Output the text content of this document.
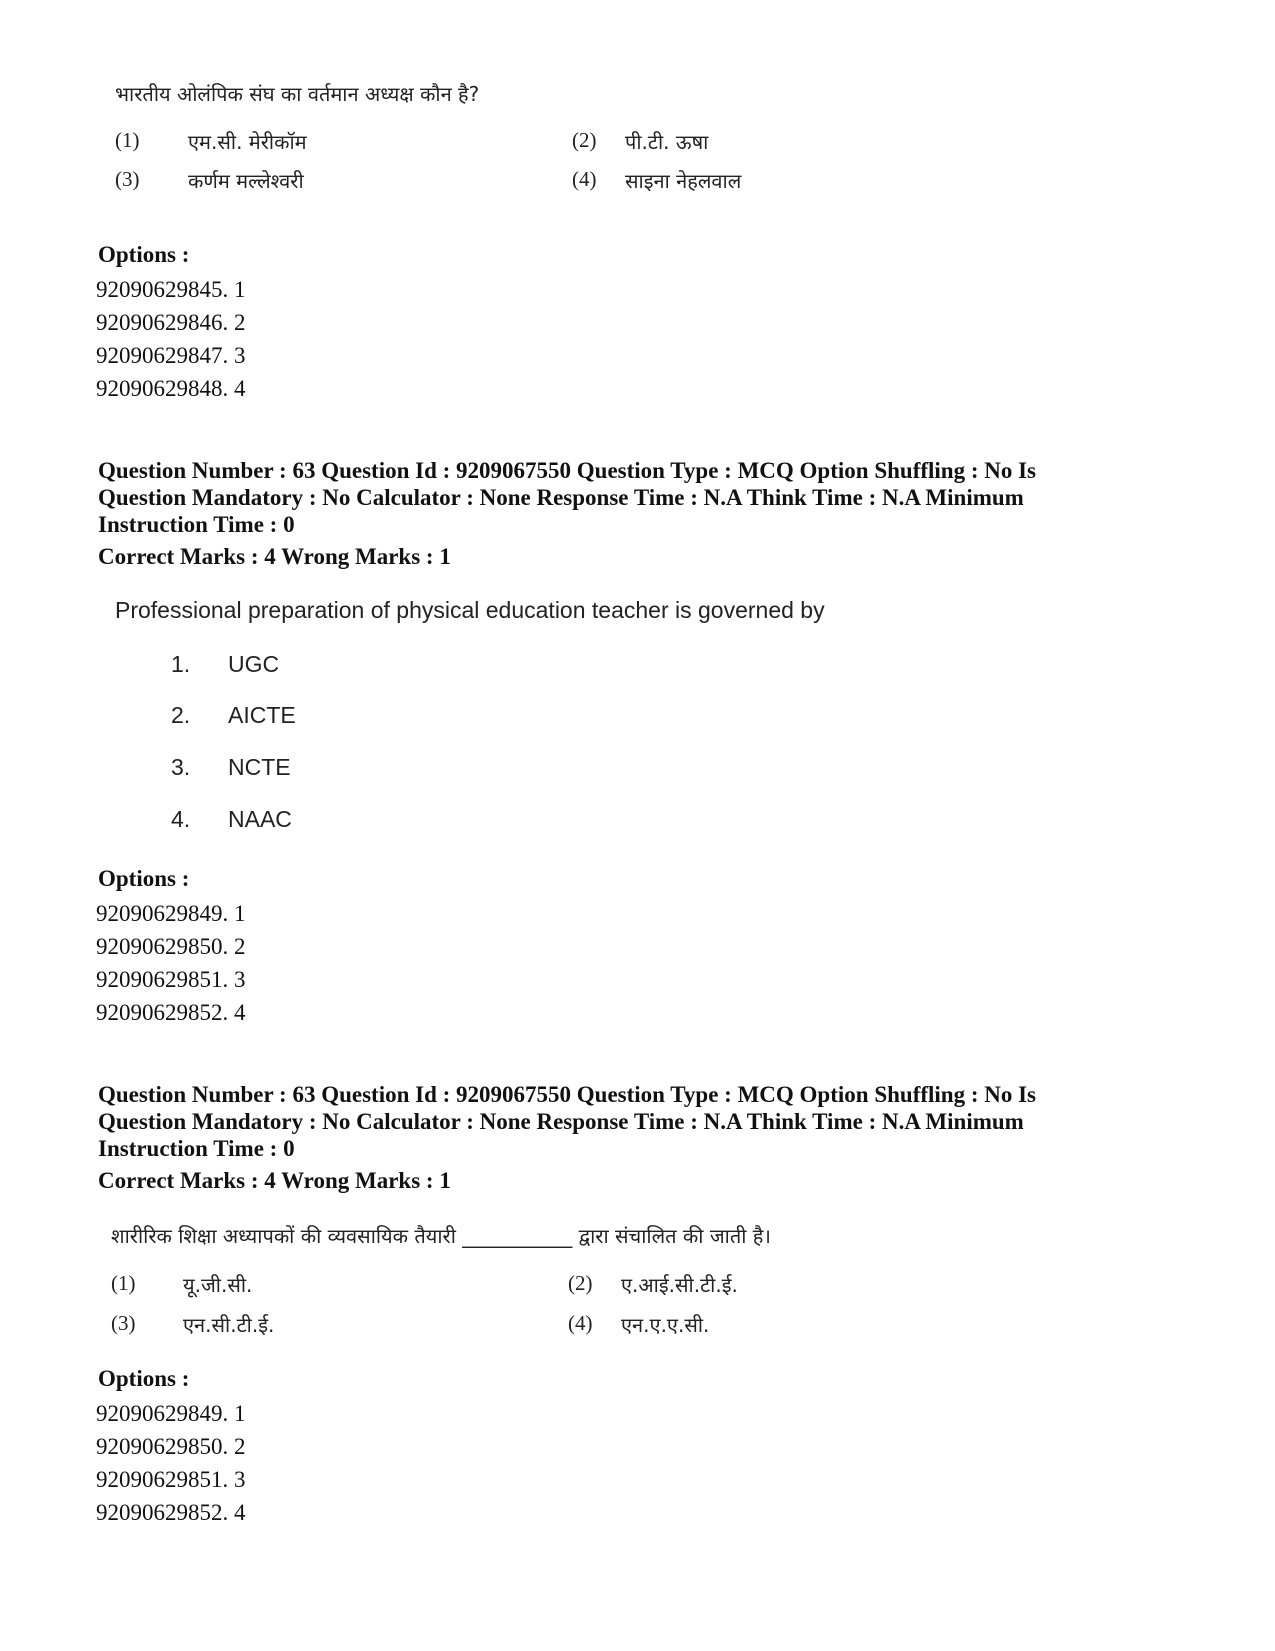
भारतीय ओलंपिक संघ का वर्तमान अध्यक्ष कौन है?
(1) एम.सी. मेरीकॉम	(2) पी.टी. ऊषा
(3) कर्णम मल्लेश्वरी	(4) साइना नेहलवाल
Options :
92090629845. 1
92090629846. 2
92090629847. 3
92090629848. 4
Question Number : 63 Question Id : 9209067550 Question Type : MCQ Option Shuffling : No Is Question Mandatory : No Calculator : None Response Time : N.A Think Time : N.A Minimum Instruction Time : 0
Correct Marks : 4 Wrong Marks : 1
Professional preparation of physical education teacher is governed by
1. UGC
2. AICTE
3. NCTE
4. NAAC
Options :
92090629849. 1
92090629850. 2
92090629851. 3
92090629852. 4
Question Number : 63 Question Id : 9209067550 Question Type : MCQ Option Shuffling : No Is Question Mandatory : No Calculator : None Response Time : N.A Think Time : N.A Minimum Instruction Time : 0
Correct Marks : 4 Wrong Marks : 1
शारीरिक शिक्षा अध्यापकों की व्यवसायिक तैयारी ___________ द्वारा संचालित की जाती है।
(1) यू.जी.सी.	(2) ए.आई.सी.टी.ई.
(3) एन.सी.टी.ई.	(4) एन.ए.ए.सी.
Options :
92090629849. 1
92090629850. 2
92090629851. 3
92090629852. 4
